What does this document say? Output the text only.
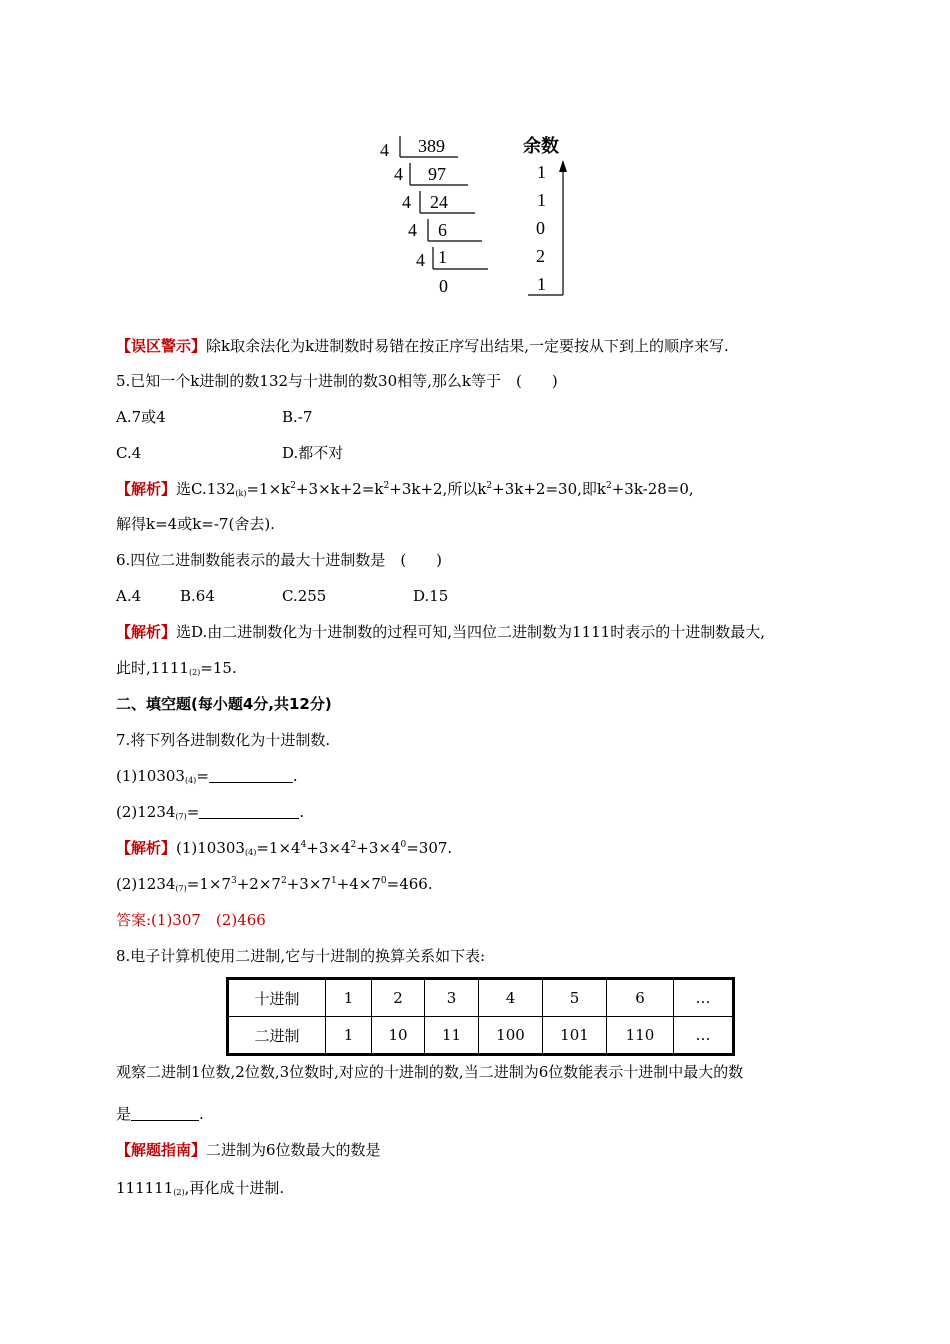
4 389
4 97
4 24
4 6
4 1
0
余数
1
1
0
2
1
【误区警示】除k取余法化为k进制数时易错在按正序写出结果,一定要按从下到上的顺序来写.
5.已知一个k进制的数132与十进制的数30相等,那么k等于　(　　)
A.7或4	B.-7
C.4	D.都不对
【解析】选$C.132_{(k)}=1\times k^2+3\times k+2=k^2+3k+2$,所以$k^2+3k+2=30$,即$k^2+3k-28=0$,
解得k=4或k=-7(舍去).
6.四位二进制数能表示的最大十进制数是　(　　)
A.4	B.64	C.255	D.15
【解析】选D.由二进制数化为十进制数的过程可知,当四位二进制数为1111时表示的十进制数最大,
此时$,1111_{(2)}=15$.
二、填空题(每小题4分,共12分)
7.将下列各进制数化为十进制数.
$(1)10303_{(4)}=$	.
$(2)1234_{(7)}=$	.
【解析】$(1)10303_{(4)}=1\times 4^4+3\times 4^2+3\times 4^0=307$.
$(2)1234_{(7)}=1\times 7^3+2\times 7^2+3\times 7^1+4\times 7^0=466$.
答案:(1)307　(2)466
8.电子计算机使用二进制,它与十进制的换算关系如下表:
十进制	1	2	3	4	5	6	…
二进制	1	10	11	100	101	110	…
观察二进制1位数,2位数,3位数时,对应的十进制的数,当二进制为6位数能表示十进制中最大的数
是	.
【解题指南】二进制为6位数最大的数是
$111111_{(2)}$,再化成十进制.
